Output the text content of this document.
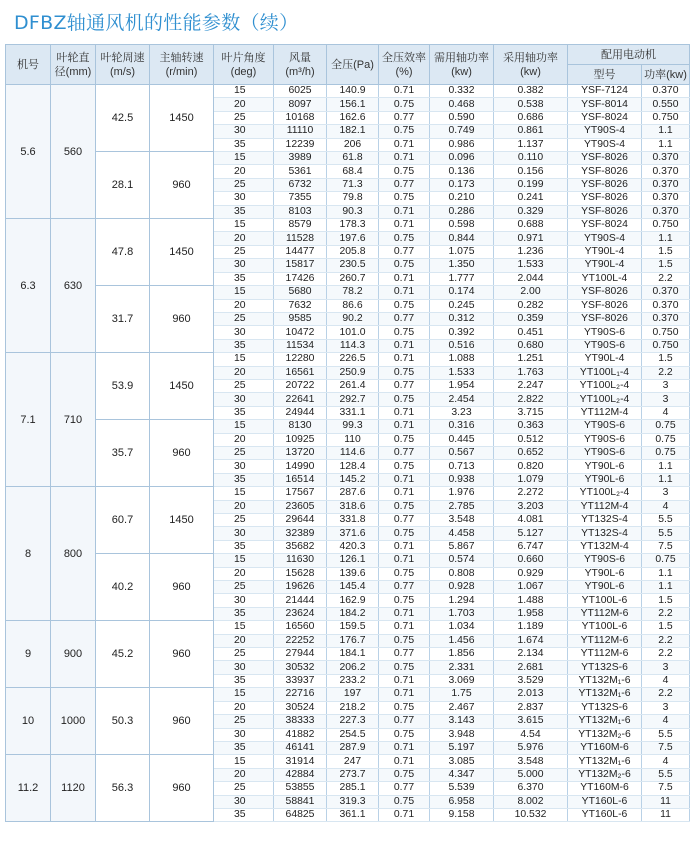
DFBZ轴通风机的性能参数（续）
机号	叶轮直径(mm)	叶轮周速(m/s)	主轴转速(r/min)	叶片角度(deg)	风量(m³/h)	全压(Pa)	全压效率(%)	需用轴功率(kw)	采用轴功率(kw)	配用电动机	
										型号	功率(kw)
5.6	560	42.5	1450	15	6025	140.9	0.71	0.332	0.382	YSF-7124	0.370
				20	8097	156.1	0.75	0.468	0.538	YSF-8014	0.550
				25	10168	162.6	0.77	0.590	0.686	YSF-8024	0.750
				30	11110	182.1	0.75	0.749	0.861	YT90S-4	1.1
				35	12239	206	0.71	0.986	1.137	YT90S-4	1.1
		28.1	960	15	3989	61.8	0.71	0.096	0.110	YSF-8026	0.370
				20	5361	68.4	0.75	0.136	0.156	YSF-8026	0.370
				25	6732	71.3	0.77	0.173	0.199	YSF-8026	0.370
				30	7355	79.8	0.75	0.210	0.241	YSF-8026	0.370
				35	8103	90.3	0.71	0.286	0.329	YSF-8026	0.370
6.3	630	47.8	1450	15	8579	178.3	0.71	0.598	0.688	YSF-8024	0.750
				20	11528	197.6	0.75	0.844	0.971	YT90S-4	1.1
				25	14477	205.8	0.77	1.075	1.236	YT90L-4	1.5
				30	15817	230.5	0.75	1.350	1.533	YT90L-4	1.5
				35	17426	260.7	0.71	1.777	2.044	YT100L-4	2.2
		31.7	960	15	5680	78.2	0.71	0.174	2.00	YSF-8026	0.370
				20	7632	86.6	0.75	0.245	0.282	YSF-8026	0.370
				25	9585	90.2	0.77	0.312	0.359	YSF-8026	0.370
				30	10472	101.0	0.75	0.392	0.451	YT90S-6	0.750
				35	11534	114.3	0.71	0.516	0.680	YT90S-6	0.750
7.1	710	53.9	1450	15	12280	226.5	0.71	1.088	1.251	YT90L-4	1.5
				20	16561	250.9	0.75	1.533	1.763	YT100L₁-4	2.2
				25	20722	261.4	0.77	1.954	2.247	YT100L₂-4	3
				30	22641	292.7	0.75	2.454	2.822	YT100L₂-4	3
				35	24944	331.1	0.71	3.23	3.715	YT112M-4	4
		35.7	960	15	8130	99.3	0.71	0.316	0.363	YT90S-6	0.75
				20	10925	110	0.75	0.445	0.512	YT90S-6	0.75
				25	13720	114.6	0.77	0.567	0.652	YT90S-6	0.75
				30	14990	128.4	0.75	0.713	0.820	YT90L-6	1.1
				35	16514	145.2	0.71	0.938	1.079	YT90L-6	1.1
8	800	60.7	1450	15	17567	287.6	0.71	1.976	2.272	YT100L₂-4	3
				20	23605	318.6	0.75	2.785	3.203	YT112M-4	4
				25	29644	331.8	0.77	3.548	4.081	YT132S-4	5.5
				30	32389	371.6	0.75	4.458	5.127	YT132S-4	5.5
				35	35682	420.3	0.71	5.867	6.747	YT132M-4	7.5
		40.2	960	15	11630	126.1	0.71	0.574	0.660	YT90S-6	0.75
				20	15628	139.6	0.75	0.808	0.929	YT90L-6	1.1
				25	19626	145.4	0.77	0.928	1.067	YT90L-6	1.1
				30	21444	162.9	0.75	1.294	1.488	YT100L-6	1.5
				35	23624	184.2	0.71	1.703	1.958	YT112M-6	2.2
9	900	45.2	960	15	16560	159.5	0.71	1.034	1.189	YT100L-6	1.5
				20	22252	176.7	0.75	1.456	1.674	YT112M-6	2.2
				25	27944	184.1	0.77	1.856	2.134	YT112M-6	2.2
				30	30532	206.2	0.75	2.331	2.681	YT132S-6	3
				35	33937	233.2	0.71	3.069	3.529	YT132M₁-6	4
10	1000	50.3	960	15	22716	197	0.71	1.75	2.013	YT132M₁-6	2.2
				20	30524	218.2	0.75	2.467	2.837	YT132S-6	3
				25	38333	227.3	0.77	3.143	3.615	YT132M₁-6	4
				30	41882	254.5	0.75	3.948	4.54	YT132M₂-6	5.5
				35	46141	287.9	0.71	5.197	5.976	YT160M-6	7.5
11.2	1120	56.3	960	15	31914	247	0.71	3.085	3.548	YT132M₁-6	4
				20	42884	273.7	0.75	4.347	5.000	YT132M₂-6	5.5
				25	53855	285.1	0.77	5.539	6.370	YT160M-6	7.5
				30	58841	319.3	0.75	6.958	8.002	YT160L-6	11
				35	64825	361.1	0.71	9.158	10.532	YT160L-6	11
